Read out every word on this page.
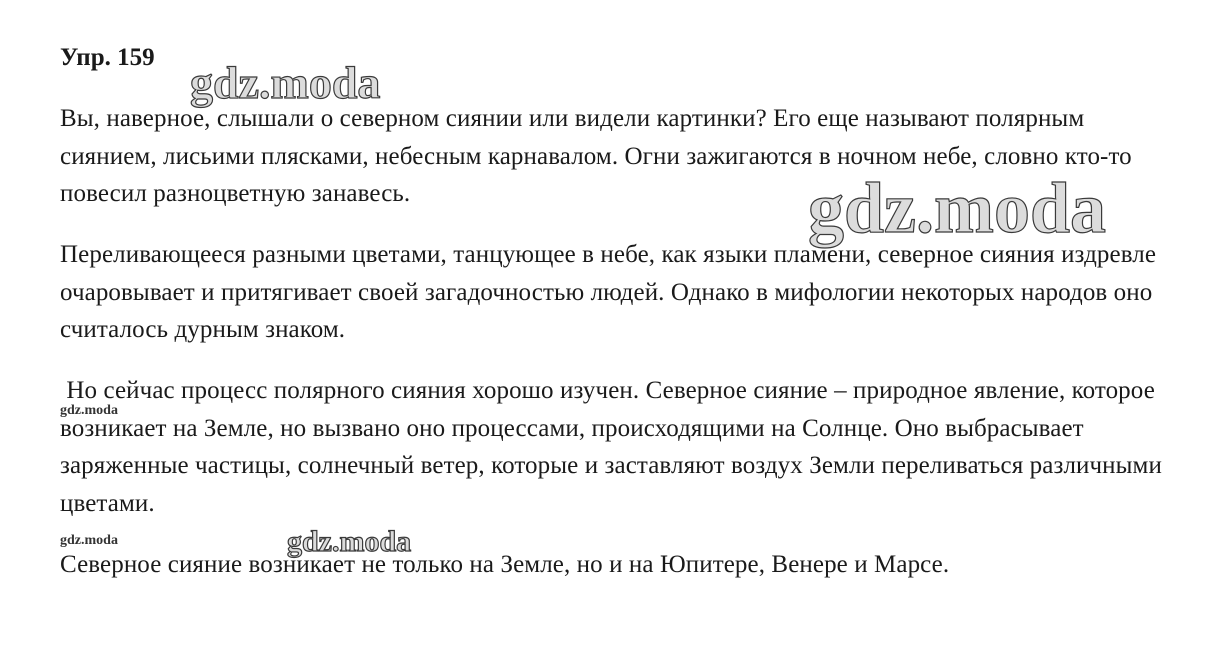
Упр. 159

Вы, наверное, слышали о северном сиянии или видели картинки? Его еще называют полярным сиянием, лисьими плясками, небесным карнавалом. Огни зажигаются в ночном небе, словно кто-то повесил разноцветную занавесь.

Переливающееся разными цветами, танцующее в небе, как языки пламени, северное сияния издревле очаровывает и притягивает своей загадочностью людей. Однако в мифологии некоторых народов оно считалось дурным знаком.

Но сейчас процесс полярного сияния хорошо изучен. Северное сияние – природное явление, которое возникает на Земле, но вызвано оно процессами, происходящими на Солнце. Оно выбрасывает заряженные частицы, солнечный ветер, которые и заставляют воздух Земли переливаться различными цветами.

Северное сияние возникает не только на Земле, но и на Юпитере, Венере и Марсе.

gdz.moda
gdz.moda
gdz.moda
gdz.moda
gdz.moda
